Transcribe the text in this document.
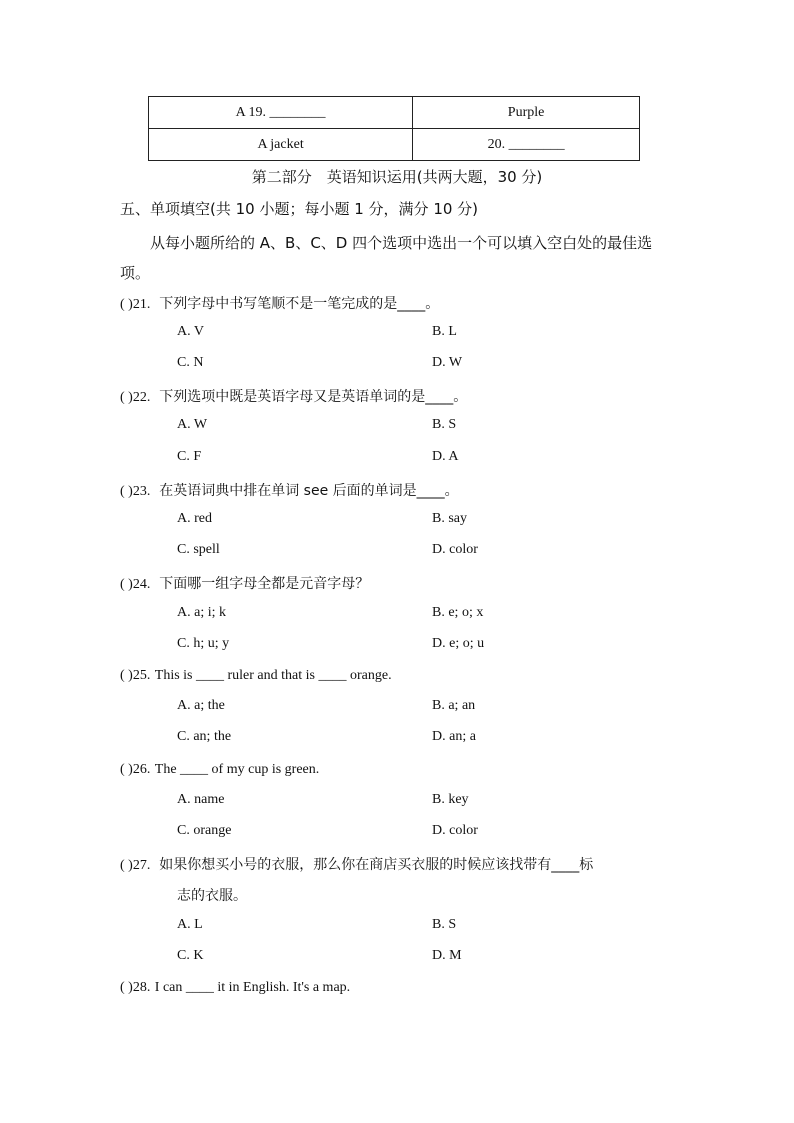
A 19. ________	Purple
A jacket	20. ________
第二部分　英语知识运用(共两大题，30 分)
五、单项填空(共 10 小题；每小题 1 分，满分 10 分)
从每小题所给的 A、B、C、D 四个选项中选出一个可以填入空白处的最佳选项。
( )21. 下列字母中书写笔顺不是一笔完成的是____。
A. V	B. L
C. N	D. W
( )22. 下列选项中既是英语字母又是英语单词的是____。
A. W	B. S
C. F	D. A
( )23. 在英语词典中排在单词 see 后面的单词是____。
A. red	B. say
C. spell	D. color
( )24. 下面哪一组字母全都是元音字母？
A. a; i; k	B. e; o; x
C. h; u; y	D. e; o; u
( )25. This is ____ ruler and that is ____ orange.
A. a; the	B. a; an
C. an; the	D. an; a
( )26. The ____ of my cup is green.
A. name	B. key
C. orange	D. color
( )27. 如果你想买小号的衣服，那么你在商店买衣服的时候应该找带有____标
志的衣服。
A. L	B. S
C. K	D. M
( )28. I can ____ it in English. It's a map.
